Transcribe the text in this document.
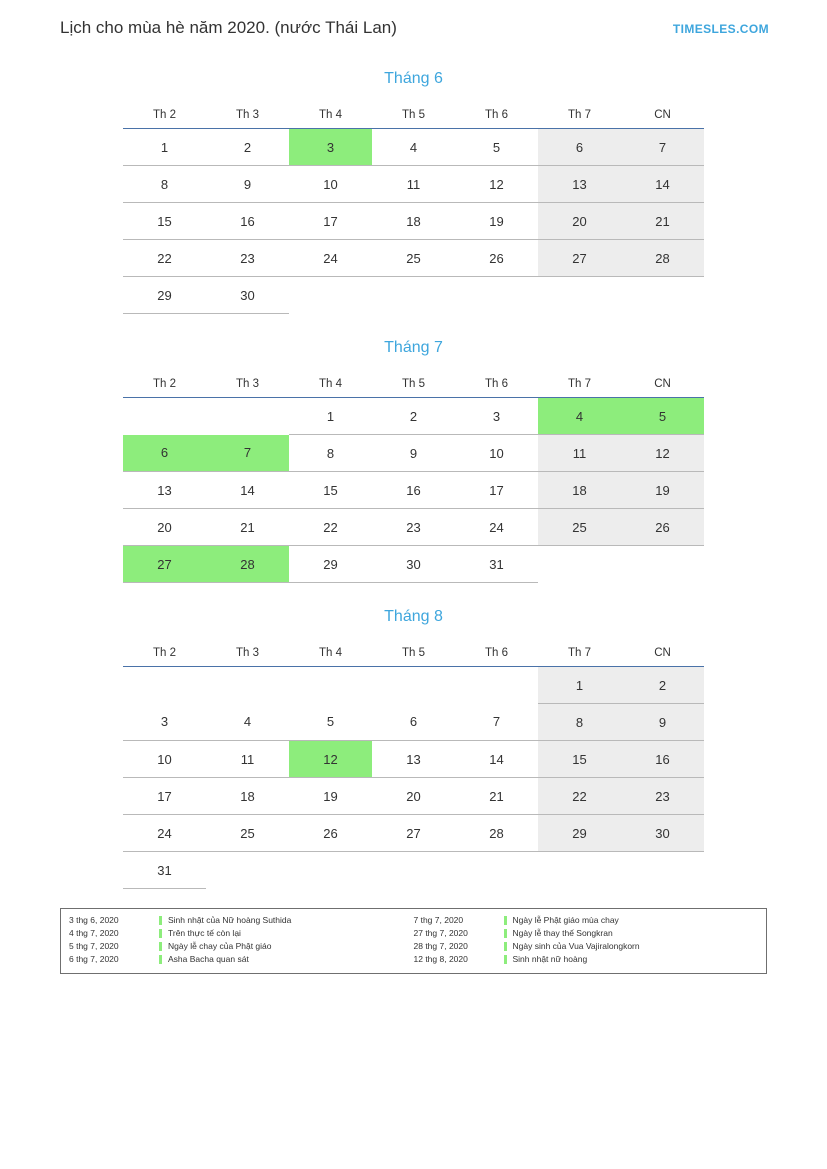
Lịch cho mùa hè năm 2020. (nước Thái Lan)	TIMESLES.COM
Tháng 6
Th 2	Th 3	Th 4	Th 5	Th 6	Th 7	CN
1	2	3	4	5	6	7
8	9	10	11	12	13	14
15	16	17	18	19	20	21
22	23	24	25	26	27	28
29	30					
Tháng 7
Th 2	Th 3	Th 4	Th 5	Th 6	Th 7	CN
		1	2	3	4	5
6	7	8	9	10	11	12
13	14	15	16	17	18	19
20	21	22	23	24	25	26
27	28	29	30	31		
Tháng 8
Th 2	Th 3	Th 4	Th 5	Th 6	Th 7	CN
					1	2
3	4	5	6	7	8	9
10	11	12	13	14	15	16
17	18	19	20	21	22	23
24	25	26	27	28	29	30
31						
3 thg 6, 2020	Sinh nhật của Nữ hoàng Suthida
4 thg 7, 2020	Trên thực tế còn lại
5 thg 7, 2020	Ngày lễ chay của Phật giáo
6 thg 7, 2020	Asha Bacha quan sát
7 thg 7, 2020	Ngày lễ Phật giáo mùa chay
27 thg 7, 2020	Ngày lễ thay thế Songkran
28 thg 7, 2020	Ngày sinh của Vua Vajiralongkorn
12 thg 8, 2020	Sinh nhật nữ hoàng
